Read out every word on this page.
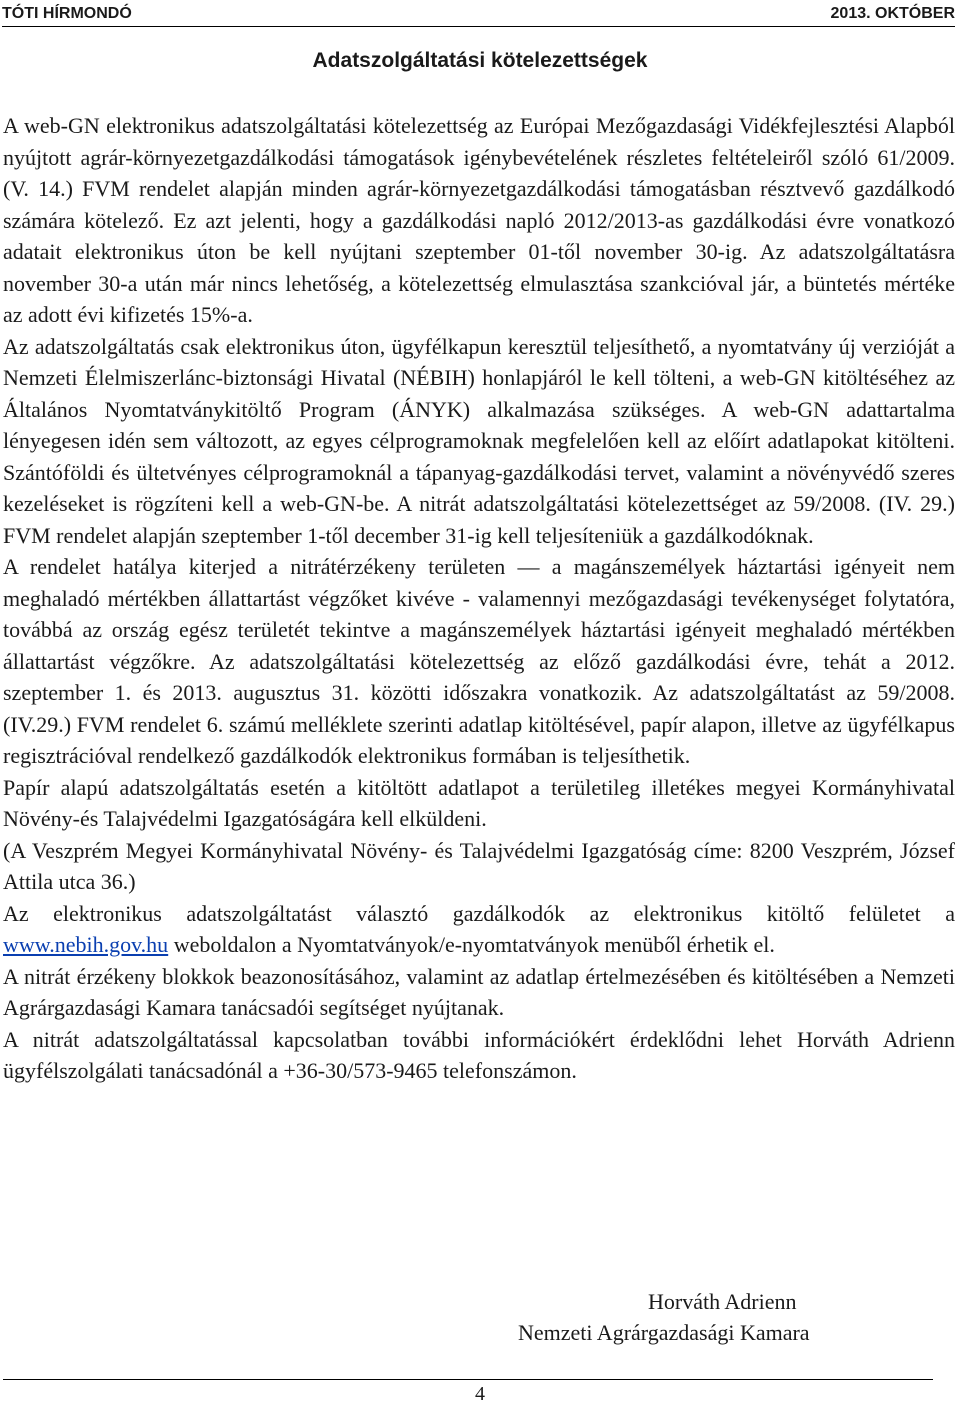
TÓTI HÍRMONDÓ	2013. OKTÓBER
Adatszolgáltatási kötelezettségek

A web-GN elektronikus adatszolgáltatási kötelezettség az Európai Mezőgazdasági Vidékfejlesztési Alapból nyújtott agrár-környezetgazdálkodási támogatások igénybevételének részletes feltételeiről szóló 61/2009. (V. 14.) FVM rendelet alapján minden agrár-környezetgazdálkodási támogatásban résztvevő gazdálkodó számára kötelező. Ez azt jelenti, hogy a gazdálkodási napló 2012/2013-as gazdálkodási évre vonatkozó adatait elektronikus úton be kell nyújtani szeptember 01-től november 30-ig. Az adatszolgáltatásra november 30-a után már nincs lehetőség, a kötelezettség elmulasztása szankcióval jár, a büntetés mértéke az adott évi kifizetés 15%-a.

Az adatszolgáltatás csak elektronikus úton, ügyfélkapun keresztül teljesíthető, a nyomtatvány új verzióját a Nemzeti Élelmiszerlánc-biztonsági Hivatal (NÉBIH) honlapjáról le kell tölteni, a web-GN kitöltéséhez az Általános Nyomtatványkitöltő Program (ÁNYK) alkalmazása szükséges. A web-GN adattartalma lényegesen idén sem változott, az egyes célprogramoknak megfelelően kell az előírt adatlapokat kitölteni. Szántóföldi és ültetvényes célprogramoknál a tápanyag-gazdálkodási tervet, valamint a növényvédő szeres kezeléseket is rögzíteni kell a web-GN-be. A nitrát adatszolgáltatási kötelezettséget az 59/2008. (IV. 29.) FVM rendelet alapján szeptember 1-től december 31-ig kell teljesíteniük a gazdálkodóknak.

A rendelet hatálya kiterjed a nitrátérzékeny területen — a magánszemélyek háztartási igényeit nem meghaladó mértékben állattartást végzőket kivéve - valamennyi mezőgazdasági tevékenységet folytatóra, továbbá az ország egész területét tekintve a magánszemélyek háztartási igényeit meghaladó mértékben állattartást végzőkre. Az adatszolgáltatási kötelezettség az előző gazdálkodási évre, tehát a 2012. szeptember 1. és 2013. augusztus 31. közötti időszakra vonatkozik. Az adatszolgáltatást az 59/2008. (IV.29.) FVM rendelet 6. számú melléklete szerinti adatlap kitöltésével, papír alapon, illetve az ügyfélkapus regisztrációval rendelkező gazdálkodók elektronikus formában is teljesíthetik.

Papír alapú adatszolgáltatás esetén a kitöltött adatlapot a területileg illetékes megyei Kormányhivatal Növény-és Talajvédelmi Igazgatóságára kell elküldeni.

(A Veszprém Megyei Kormányhivatal Növény- és Talajvédelmi Igazgatóság címe: 8200 Veszprém, József Attila utca 36.)

Az elektronikus adatszolgáltatást választó gazdálkodók az elektronikus kitöltő felületet a www.nebih.gov.hu weboldalon a Nyomtatványok/e-nyomtatványok menüből érhetik el.

A nitrát érzékeny blokkok beazonosításához, valamint az adatlap értelmezésében és kitöltésében a Nemzeti Agrárgazdasági Kamara tanácsadói segítséget nyújtanak.

A nitrát adatszolgáltatással kapcsolatban további információkért érdeklődni lehet Horváth Adrienn ügyfélszolgálati tanácsadónál a +36-30/573-9465 telefonszámon.

Horváth Adrienn
Nemzeti Agrárgazdasági Kamara
4
